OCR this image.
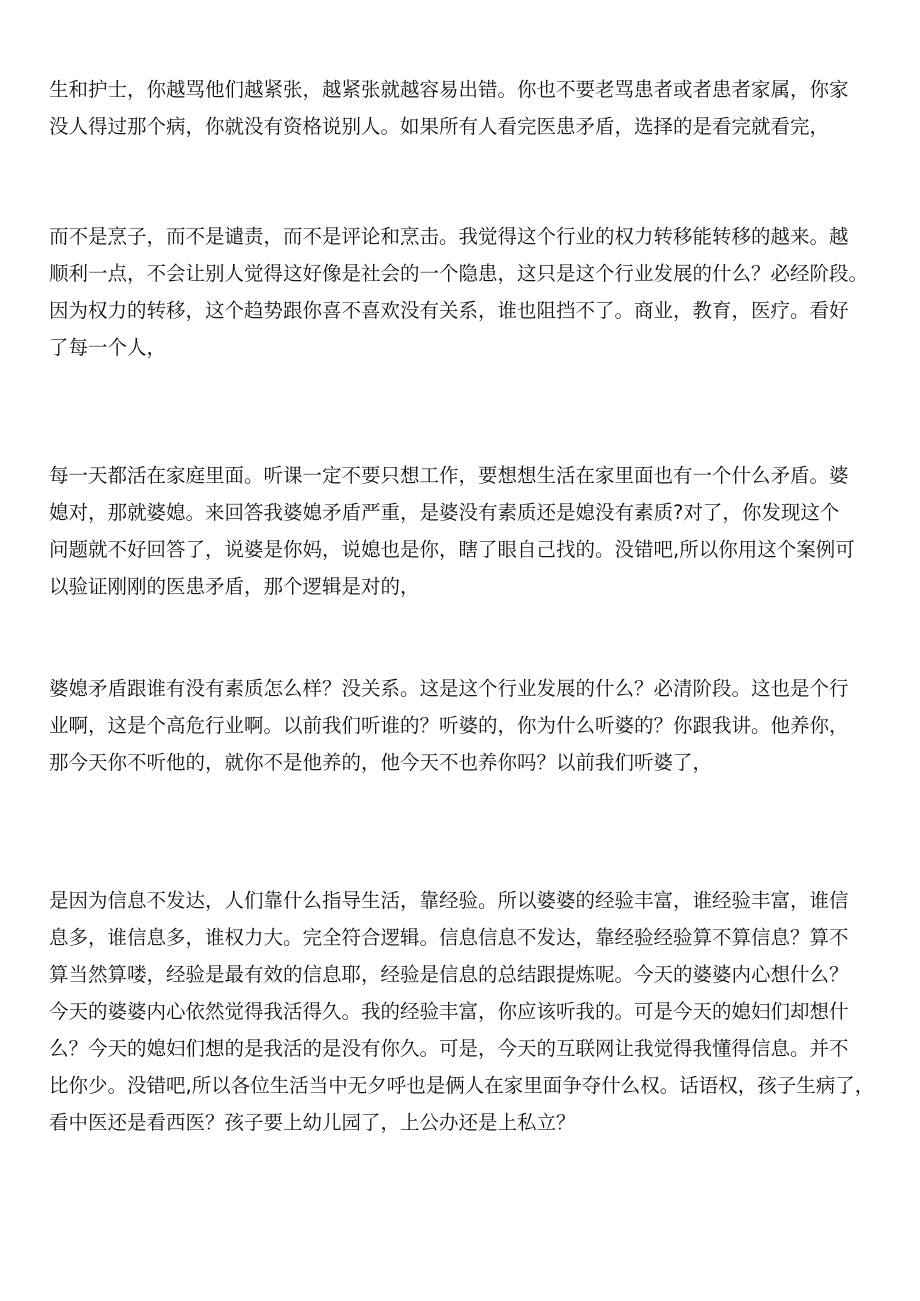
生和护士，你越骂他们越紧张，越紧张就越容易出错。你也不要老骂患者或者患者家属，你家
没人得过那个病，你就没有资格说别人。如果所有人看完医患矛盾，选择的是看完就看完，
而不是烹子，而不是谴责，而不是评论和烹击。我觉得这个行业的权力转移能转移的越来。越
顺利一点，不会让别人觉得这好像是社会的一个隐患，这只是这个行业发展的什么？必经阶段。
因为权力的转移，这个趋势跟你喜不喜欢没有关系，谁也阻挡不了。商业，教育，医疗。看好
了每一个人，
每一天都活在家庭里面。听课一定不要只想工作，要想想生活在家里面也有一个什么矛盾。婆
媳对，那就婆媳。来回答我婆媳矛盾严重，是婆没有素质还是媳没有素质?对了，你发现这个
问题就不好回答了，说婆是你妈，说媳也是你，瞎了眼自己找的。没错吧,所以你用这个案例可
以验证刚刚的医患矛盾，那个逻辑是对的，
婆媳矛盾跟谁有没有素质怎么样？没关系。这是这个行业发展的什么？必清阶段。这也是个行
业啊，这是个高危行业啊。以前我们听谁的？听婆的，你为什么听婆的？你跟我讲。他养你，
那今天你不听他的，就你不是他养的，他今天不也养你吗？以前我们听婆了，
是因为信息不发达，人们靠什么指导生活，靠经验。所以婆婆的经验丰富，谁经验丰富，谁信
息多，谁信息多，谁权力大。完全符合逻辑。信息信息不发达，靠经验经验算不算信息？算不
算当然算喽，经验是最有效的信息耶，经验是信息的总结跟提炼呢。今天的婆婆内心想什么？
今天的婆婆内心依然觉得我活得久。我的经验丰富，你应该听我的。可是今天的媳妇们却想什
么？今天的媳妇们想的是我活的是没有你久。可是，今天的互联网让我觉得我懂得信息。并不
比你少。没错吧,所以各位生活当中无夕呼也是俩人在家里面争夺什么权。话语权，孩子生病了，
看中医还是看西医？孩子要上幼儿园了，上公办还是上私立？
